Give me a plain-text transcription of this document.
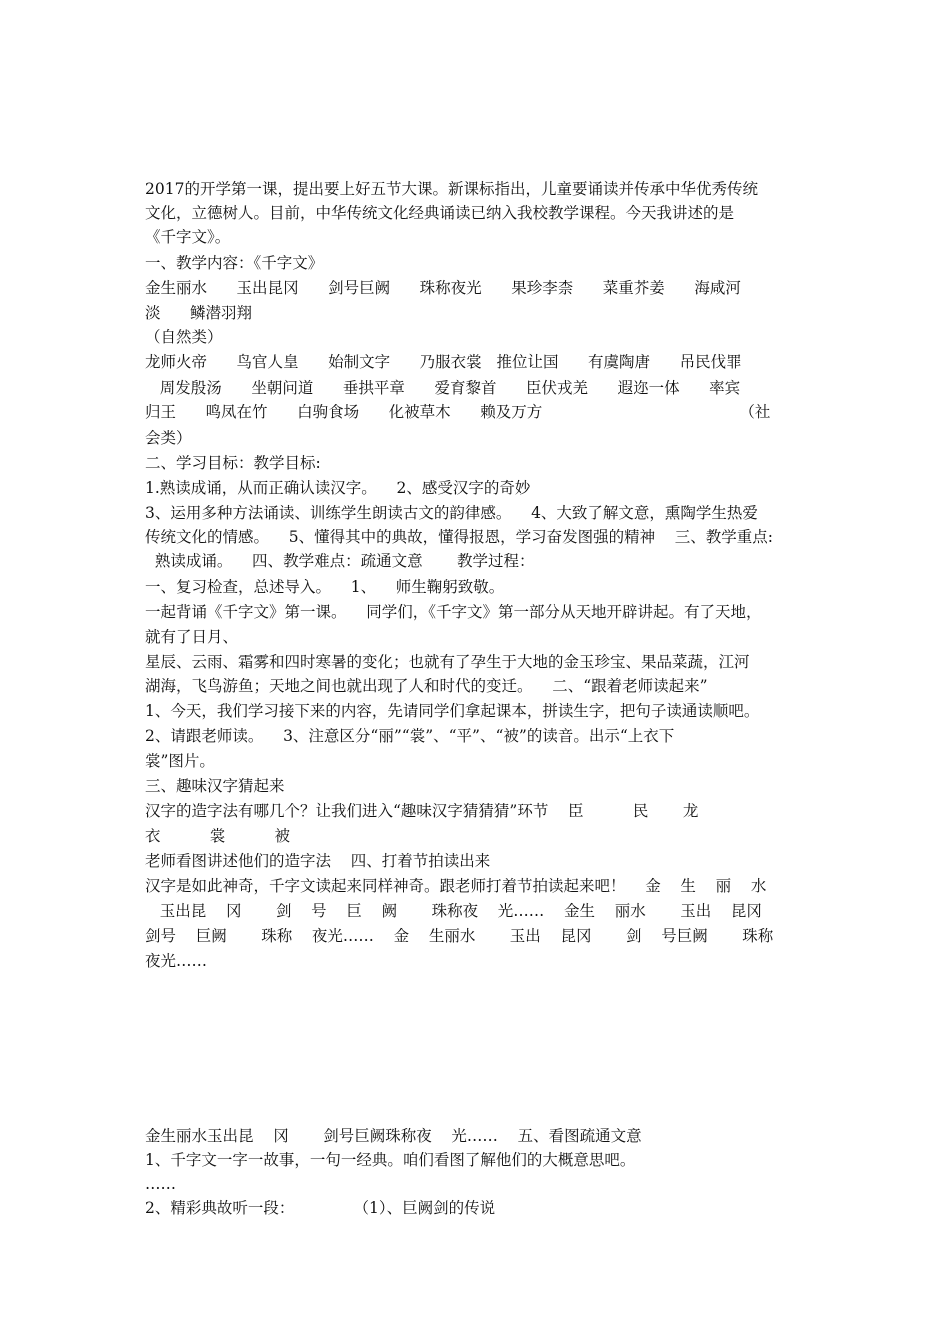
2017的开学第一课，提出要上好五节大课。新课标指出，儿童要诵读并传承中华优秀传统
文化，立德树人。目前，中华传统文化经典诵读已纳入我校教学课程。今天我讲述的是
《千字文》。
一、教学内容：《千字文》
金生丽水      玉出昆冈      剑号巨阙      珠称夜光      果珍李柰      菜重芥姜      海咸河
淡      鳞潜羽翔
（自然类）
龙师火帝      鸟官人皇      始制文字      乃服衣裳   推位让国      有虞陶唐      吊民伐罪
周发殷汤      坐朝问道      垂拱平章      爱育黎首      臣伏戎羌      遐迩一体      率宾
归王      鸣凤在竹      白驹食场      化被草木      赖及万方                                        （社
会类）
二、学习目标：教学目标:
1.熟读成诵，从而正确认读汉字。    2、感受汉字的奇妙
3、运用多种方法诵读、训练学生朗读古文的韵律感。    4、大致了解文意，熏陶学生热爱
传统文化的情感。    5、懂得其中的典故，懂得报恩，学习奋发图强的精神    三、教学重点:
熟读成诵。    四、教学难点：疏通文意       教学过程：
一、复习检查，总述导入。    1、    师生鞠躬致敬。
一起背诵《千字文》第一课。    同学们，《千字文》第一部分从天地开辟讲起。有了天地，
就有了日月、
星辰、云雨、霜雾和四时寒暑的变化；也就有了孕生于大地的金玉珍宝、果品菜蔬，江河
湖海，飞鸟游鱼；天地之间也就出现了人和时代的变迁。    二、“跟着老师读起来”
1、今天，我们学习接下来的内容，先请同学们拿起课本，拼读生字，把句子读通读顺吧。
2、请跟老师读。    3、注意区分“丽”“裳”、“平”、“被”的读音。出示“上衣下
裳”图片。
三、趣味汉字猜起来
汉字的造字法有哪几个？让我们进入“趣味汉字猜猜猜”环节    臣          民       龙
衣          裳          被
老师看图讲述他们的造字法    四、打着节拍读出来
汉字是如此神奇，千字文读起来同样神奇。跟老师打着节拍读起来吧！    金    生    丽    水
玉出昆    冈       剑    号    巨    阙       珠称夜    光……    金生    丽水       玉出    昆冈
剑号    巨阙       珠称    夜光……    金    生丽水       玉出    昆冈       剑    号巨阙       珠称
夜光……
金生丽水玉出昆    冈       剑号巨阙珠称夜    光……    五、看图疏通文意
1、千字文一字一故事，一句一经典。咱们看图了解他们的大概意思吧。
……
2、精彩典故听一段：            （1）、巨阙剑的传说
